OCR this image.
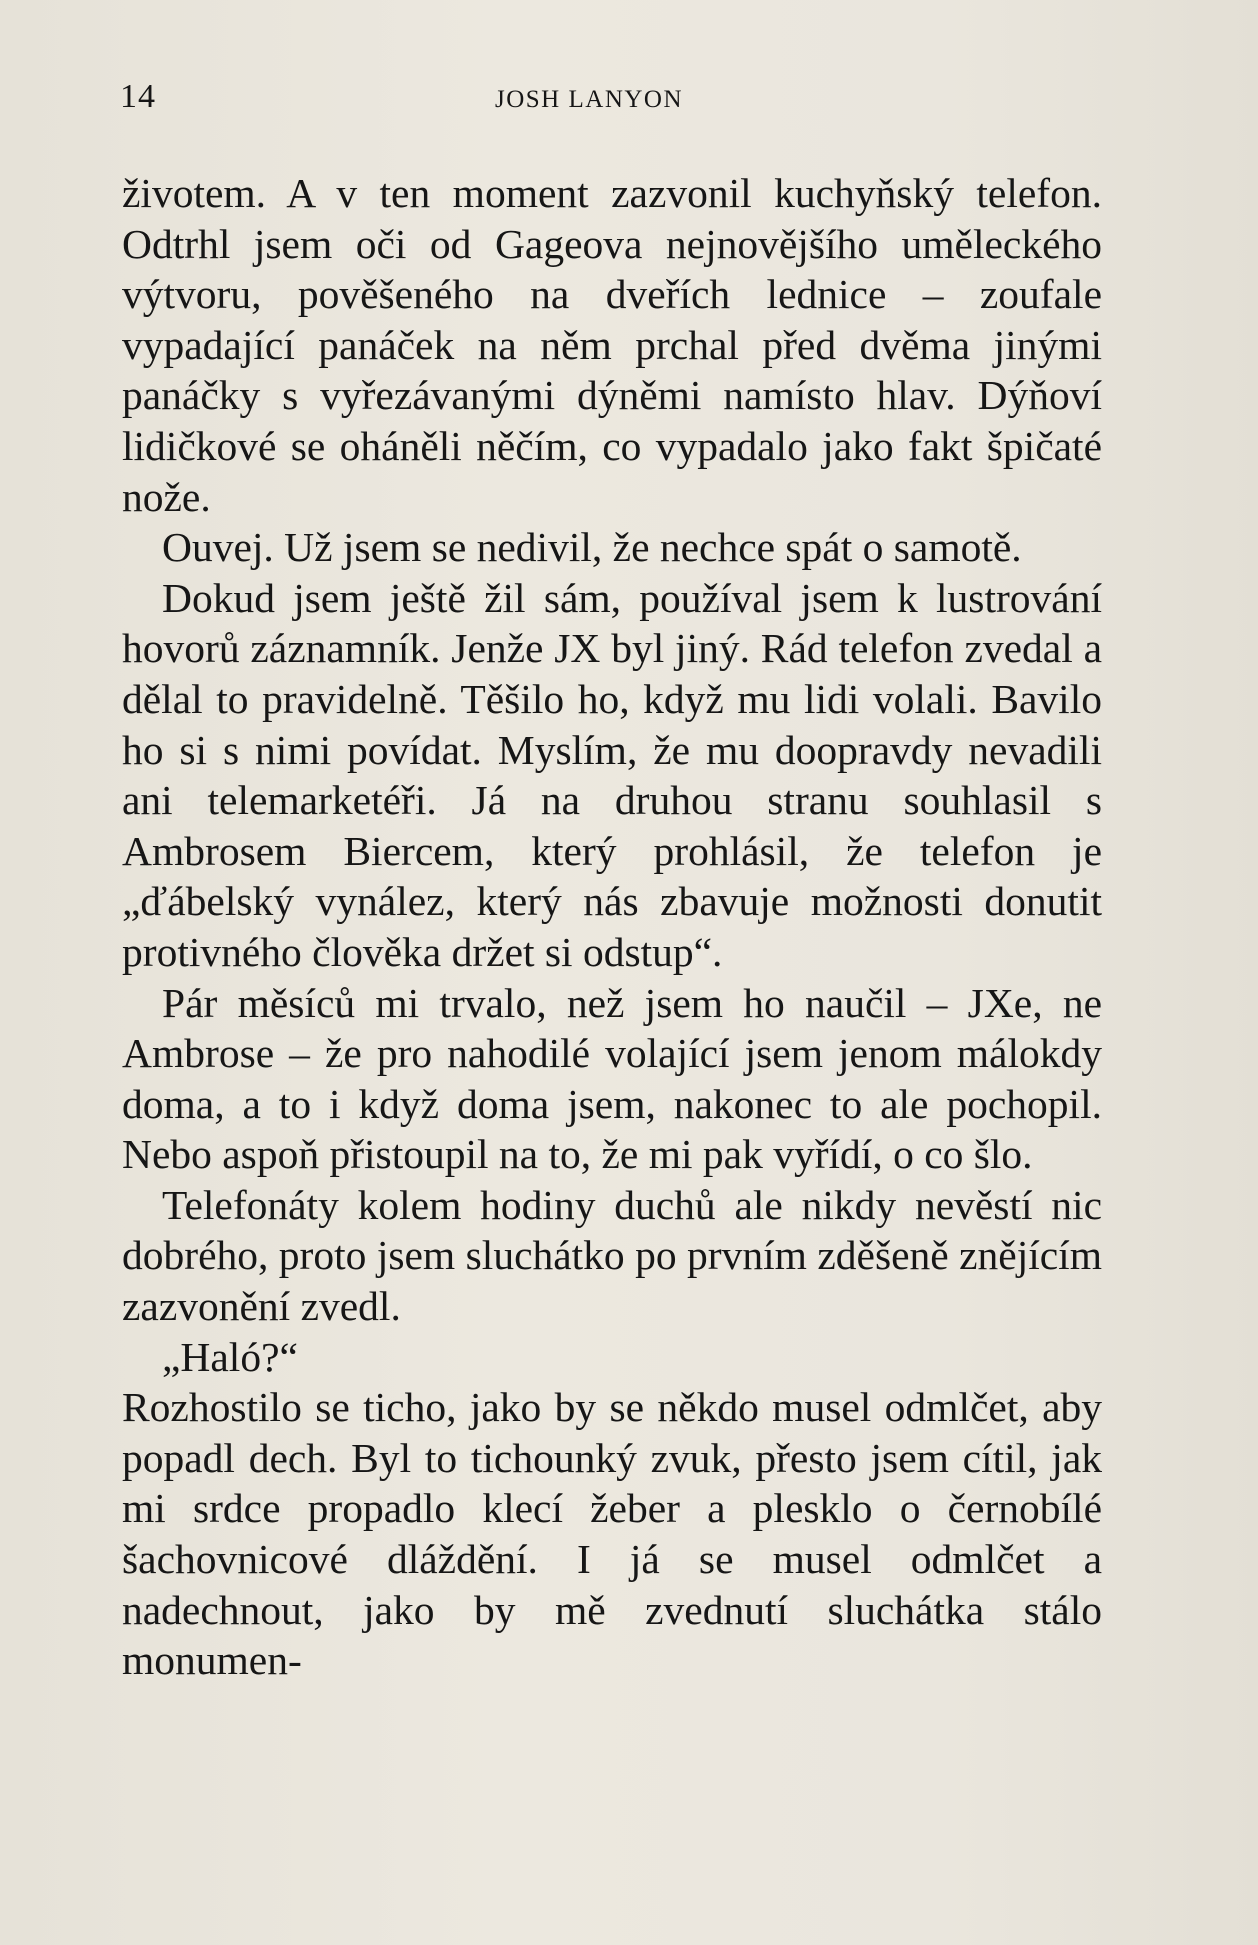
14	JOSH LANYON

životem. A v ten moment zazvonil kuchyňský telefon. Odtrhl jsem oči od Gageova nejnovějšího uměleckého výtvoru, pověšeného na dveřích lednice – zoufale vypadající panáček na něm prchal před dvěma jinými panáčky s vyřezávanými dýněmi namísto hlav. Dýňoví lidičkové se oháněli něčím, co vypadalo jako fakt špičaté nože.

Ouvej. Už jsem se nedivil, že nechce spát o samotě.

Dokud jsem ještě žil sám, používal jsem k lustrování hovorů záznamník. Jenže JX byl jiný. Rád telefon zvedal a dělal to pravidelně. Těšilo ho, když mu lidi volali. Bavilo ho si s nimi povídat. Myslím, že mu doopravdy nevadili ani telemarketéři. Já na druhou stranu souhlasil s Ambrosem Biercem, který prohlásil, že telefon je „ďábelský vynález, který nás zbavuje možnosti donutit protivného člověka držet si odstup“.

Pár měsíců mi trvalo, než jsem ho naučil – JXe, ne Ambrose – že pro nahodilé volající jsem jenom málokdy doma, a to i když doma jsem, nakonec to ale pochopil. Nebo aspoň přistoupil na to, že mi pak vyřídí, o co šlo.

Telefonáty kolem hodiny duchů ale nikdy nevěstí nic dobrého, proto jsem sluchátko po prvním zděšeně znějícím zazvonění zvedl.

„Haló?“

Rozhostilo se ticho, jako by se někdo musel odmlčet, aby popadl dech. Byl to tichounký zvuk, přesto jsem cítil, jak mi srdce propadlo klecí žeber a plesklo o černobílé šachovnicové dláždění. I já se musel odmlčet a nadechnout, jako by mě zvednutí sluchátka stálo monumen-
